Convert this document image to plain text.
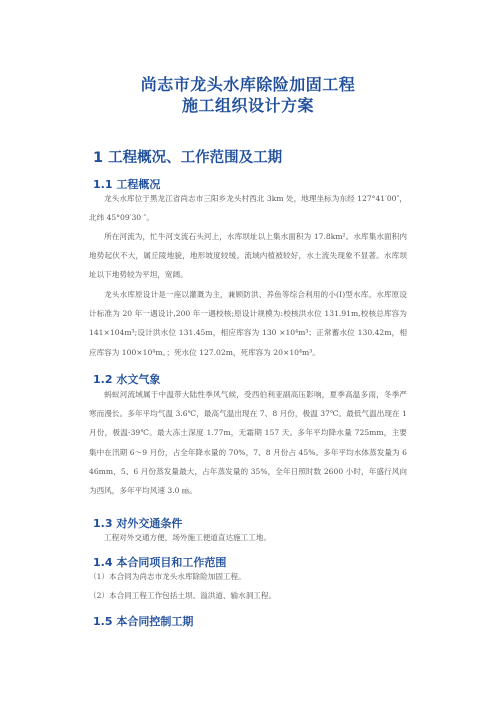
尚志市龙头水库除险加固工程
施工组织设计方案
1 工程概况、工作范围及工期
1.1 工程概况
龙头水库位于黑龙江省尚志市三阳乡龙头村西北 3km 处，地理坐标为东经 127°41′00″，北纬 45°09′30 ″。
所在河流为，忙牛河支流石头河上，水库坝址以上集水面积为 17.8km²。水库集水面积内地势起伏不大，属丘陵地貌，地形坡度较缓。流域内植被较好，水土流失现象不显著。水库坝址以下地势较为平坦，宽阔。
龙头水库原设计是一座以灌溉为主，兼顾防洪、养鱼等综合利用的小(Ⅰ)型水库。水库原设计标准为 20 年一遇设计,200 年一遇校核;原设计规模为:校核洪水位 131.91m,校核总库容为 141×104m³;设计洪水位 131.45m，相应库容为 130 ×10⁴m³；正常蓄水位 130.42m，相应库容为 100×10⁴m。；死水位 127.02m，死库容为 20×10⁴m³。
1.2 水文气象
蚂蚁河流域属于中温带大陆性季风气候，受西伯利亚副高压影响，夏季高温多雨，冬季严寒而漫长。多年平均气温 3.6℃，最高气温出现在 7、8 月份，极温 37℃。最低气温出现在 1 月份，极温-39℃。最大冻土深度 1.77m，无霜期 157 天。多年平均降水量 725mm，主要集中在汛期 6～9 月份，占全年降水量的 70%，7、8 月份占 45%。多年平均水体蒸发量为 646mm，5、6 月份蒸发量最大，占年蒸发量的 35%，全年日照时数 2600 小时，年盛行风向为西风，多年平均风速 3.0 ㎧。
1.3 对外交通条件
工程对外交通方便，场外施工便道直达施工工地。
1.4 本合同项目和工作范围
（1）本合同为尚志市龙头水库除险加固工程。
（2）本合同工程工作包括土坝、溢洪道、输水洞工程。
1.5 本合同控制工期
